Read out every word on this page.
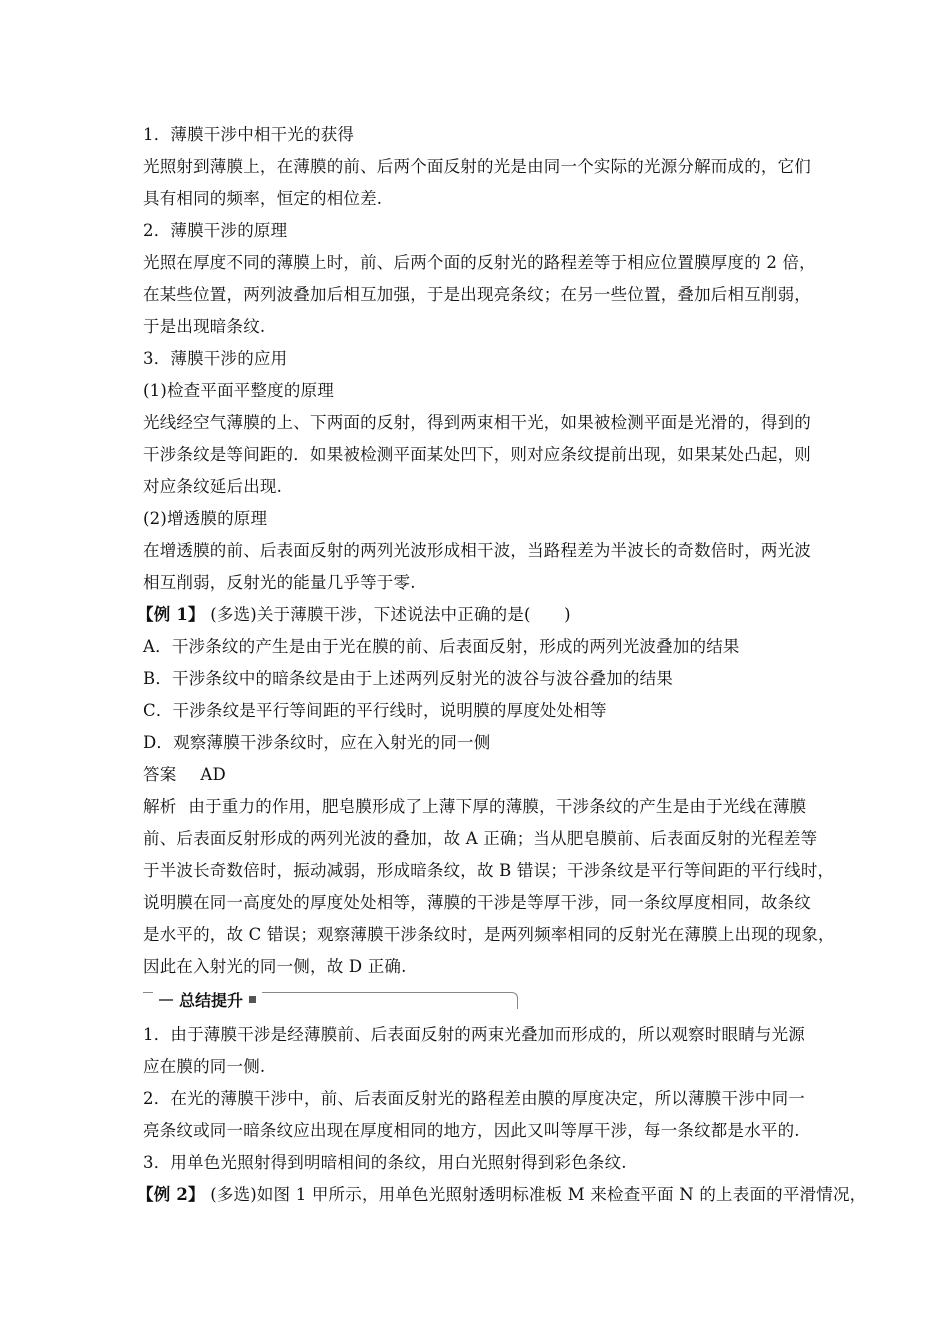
1．薄膜干涉中相干光的获得
光照射到薄膜上，在薄膜的前、后两个面反射的光是由同一个实际的光源分解而成的，它们
具有相同的频率，恒定的相位差.
2．薄膜干涉的原理
光照在厚度不同的薄膜上时，前、后两个面的反射光的路程差等于相应位置膜厚度的 2 倍，
在某些位置，两列波叠加后相互加强，于是出现亮条纹；在另一些位置，叠加后相互削弱，
于是出现暗条纹.
3．薄膜干涉的应用
(1)检查平面平整度的原理
光线经空气薄膜的上、下两面的反射，得到两束相干光，如果被检测平面是光滑的，得到的
干涉条纹是等间距的．如果被检测平面某处凹下，则对应条纹提前出现，如果某处凸起，则
对应条纹延后出现.
(2)增透膜的原理
在增透膜的前、后表面反射的两列光波形成相干波，当路程差为半波长的奇数倍时，两光波
相互削弱，反射光的能量几乎等于零.
【例 1】 (多选)关于薄膜干涉，下述说法中正确的是(　　)
A．干涉条纹的产生是由于光在膜的前、后表面反射，形成的两列光波叠加的结果
B．干涉条纹中的暗条纹是由于上述两列反射光的波谷与波谷叠加的结果
C．干涉条纹是平行等间距的平行线时，说明膜的厚度处处相等
D．观察薄膜干涉条纹时，应在入射光的同一侧
答案 AD
解析 由于重力的作用，肥皂膜形成了上薄下厚的薄膜，干涉条纹的产生是由于光线在薄膜
前、后表面反射形成的两列光波的叠加，故 A 正确；当从肥皂膜前、后表面反射的光程差等
于半波长奇数倍时，振动减弱，形成暗条纹，故 B 错误；干涉条纹是平行等间距的平行线时，
说明膜在同一高度处的厚度处处相等，薄膜的干涉是等厚干涉，同一条纹厚度相同，故条纹
是水平的，故 C 错误；观察薄膜干涉条纹时，是两列频率相同的反射光在薄膜上出现的现象，
因此在入射光的同一侧，故 D 正确.
总结提升
1．由于薄膜干涉是经薄膜前、后表面反射的两束光叠加而形成的，所以观察时眼睛与光源
应在膜的同一侧.
2．在光的薄膜干涉中，前、后表面反射光的路程差由膜的厚度决定，所以薄膜干涉中同一
亮条纹或同一暗条纹应出现在厚度相同的地方，因此又叫等厚干涉，每一条纹都是水平的.
3．用单色光照射得到明暗相间的条纹，用白光照射得到彩色条纹.
【例 2】 (多选)如图 1 甲所示，用单色光照射透明标准板 M 来检查平面 N 的上表面的平滑情况，
